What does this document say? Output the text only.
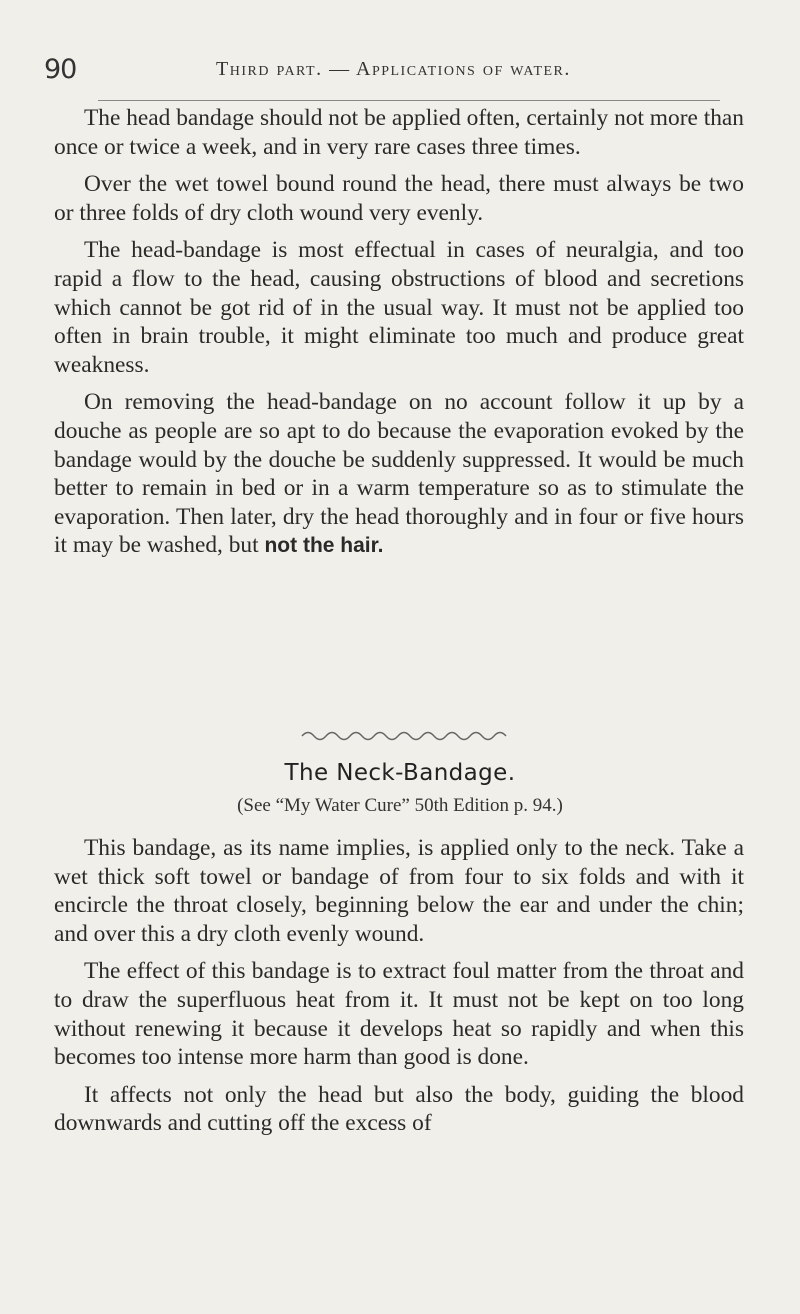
90	Third part. — Applications of water.

The head bandage should not be applied often, certainly not more than once or twice a week, and in very rare cases three times.

Over the wet towel bound round the head, there must always be two or three folds of dry cloth wound very evenly.

The head-bandage is most effectual in cases of neuralgia, and too rapid a flow to the head, causing obstructions of blood and secretions which cannot be got rid of in the usual way. It must not be applied too often in brain trouble, it might eliminate too much and produce great weakness.

On removing the head-bandage on no account follow it up by a douche as people are so apt to do because the evaporation evoked by the bandage would by the douche be suddenly suppressed. It would be much better to remain in bed or in a warm temperature so as to stimulate the evaporation. Then later, dry the head thoroughly and in four or five hours it may be washed, but not the hair.

The Neck-Bandage.
(See “My Water Cure” 50th Edition p. 94.)

This bandage, as its name implies, is applied only to the neck. Take a wet thick soft towel or bandage of from four to six folds and with it encircle the throat closely, beginning below the ear and under the chin; and over this a dry cloth evenly wound.

The effect of this bandage is to extract foul matter from the throat and to draw the superfluous heat from it. It must not be kept on too long without renewing it because it develops heat so rapidly and when this becomes too intense more harm than good is done.

It affects not only the head but also the body, guiding the blood downwards and cutting off the excess of
